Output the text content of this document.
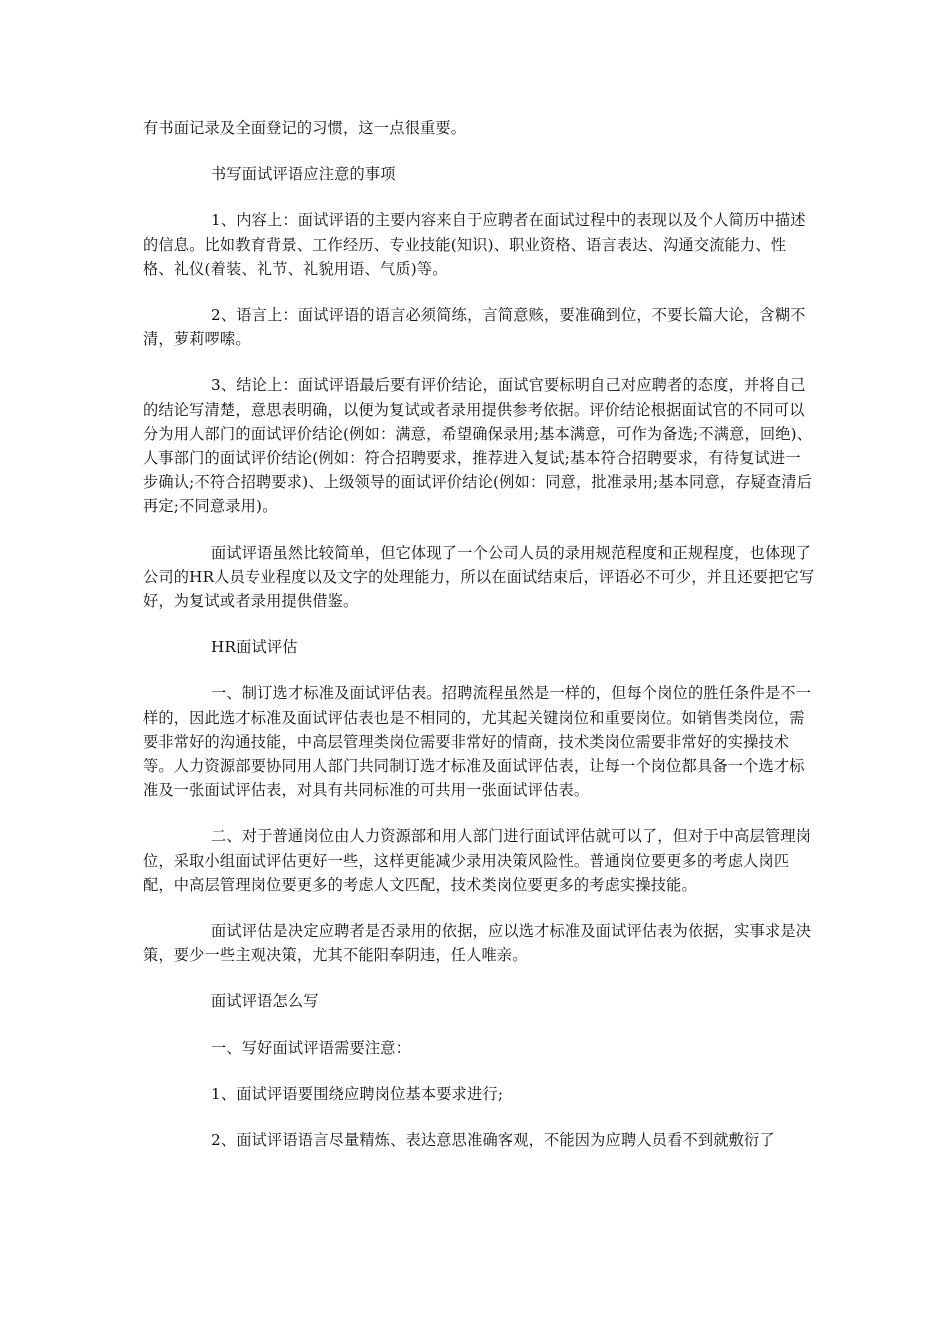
有书面记录及全面登记的习惯，这一点很重要。

书写面试评语应注意的事项

1、内容上：面试评语的主要内容来自于应聘者在面试过程中的表现以及个人简历中描述的信息。比如教育背景、工作经历、专业技能(知识)、职业资格、语言表达、沟通交流能力、性格、礼仪(着装、礼节、礼貌用语、气质)等。

2、语言上：面试评语的语言必须简练，言简意赅，要准确到位，不要长篇大论，含糊不清，萝莉啰嗦。

3、结论上：面试评语最后要有评价结论，面试官要标明自己对应聘者的态度，并将自己的结论写清楚，意思表明确，以便为复试或者录用提供参考依据。评价结论根据面试官的不同可以分为用人部门的面试评价结论(例如：满意，希望确保录用;基本满意，可作为备选;不满意，回绝)、人事部门的面试评价结论(例如：符合招聘要求，推荐进入复试;基本符合招聘要求，有待复试进一步确认;不符合招聘要求)、上级领导的面试评价结论(例如：同意，批准录用;基本同意，存疑查清后再定;不同意录用)。

面试评语虽然比较简单，但它体现了一个公司人员的录用规范程度和正规程度，也体现了公司的HR人员专业程度以及文字的处理能力，所以在面试结束后，评语必不可少，并且还要把它写好，为复试或者录用提供借鉴。

HR面试评估

一、制订选才标准及面试评估表。招聘流程虽然是一样的，但每个岗位的胜任条件是不一样的，因此选才标准及面试评估表也是不相同的，尤其起关键岗位和重要岗位。如销售类岗位，需要非常好的沟通技能，中高层管理类岗位需要非常好的情商，技术类岗位需要非常好的实操技术等。人力资源部要协同用人部门共同制订选才标准及面试评估表，让每一个岗位都具备一个选才标准及一张面试评估表，对具有共同标准的可共用一张面试评估表。

二、对于普通岗位由人力资源部和用人部门进行面试评估就可以了，但对于中高层管理岗位，采取小组面试评估更好一些，这样更能减少录用决策风险性。普通岗位要更多的考虑人岗匹配，中高层管理岗位要更多的考虑人文匹配，技术类岗位要更多的考虑实操技能。

面试评估是决定应聘者是否录用的依据，应以选才标准及面试评估表为依据，实事求是决策，要少一些主观决策，尤其不能阳奉阴违，任人唯亲。

面试评语怎么写

一、写好面试评语需要注意：

1、面试评语要围绕应聘岗位基本要求进行;

2、面试评语语言尽量精炼、表达意思准确客观，不能因为应聘人员看不到就敷衍了
